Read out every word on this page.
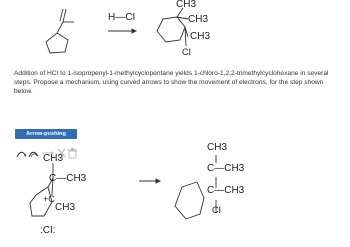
H—CI
CH3
CH3
CH3
CI
Addition of HCI to 1-isopropenyl-1-methylcyclopentane yields 1-chloro-1,2,2-trimethylcyclohexane in several steps. Propose a mechanism, using curved arrows to show the movement of electrons, for the step shown below.
Arrow-pushing Instructions
CH3
C—CH3
+C
CH3
:CI:
CH3
C—CH3
C—CH3
CI
